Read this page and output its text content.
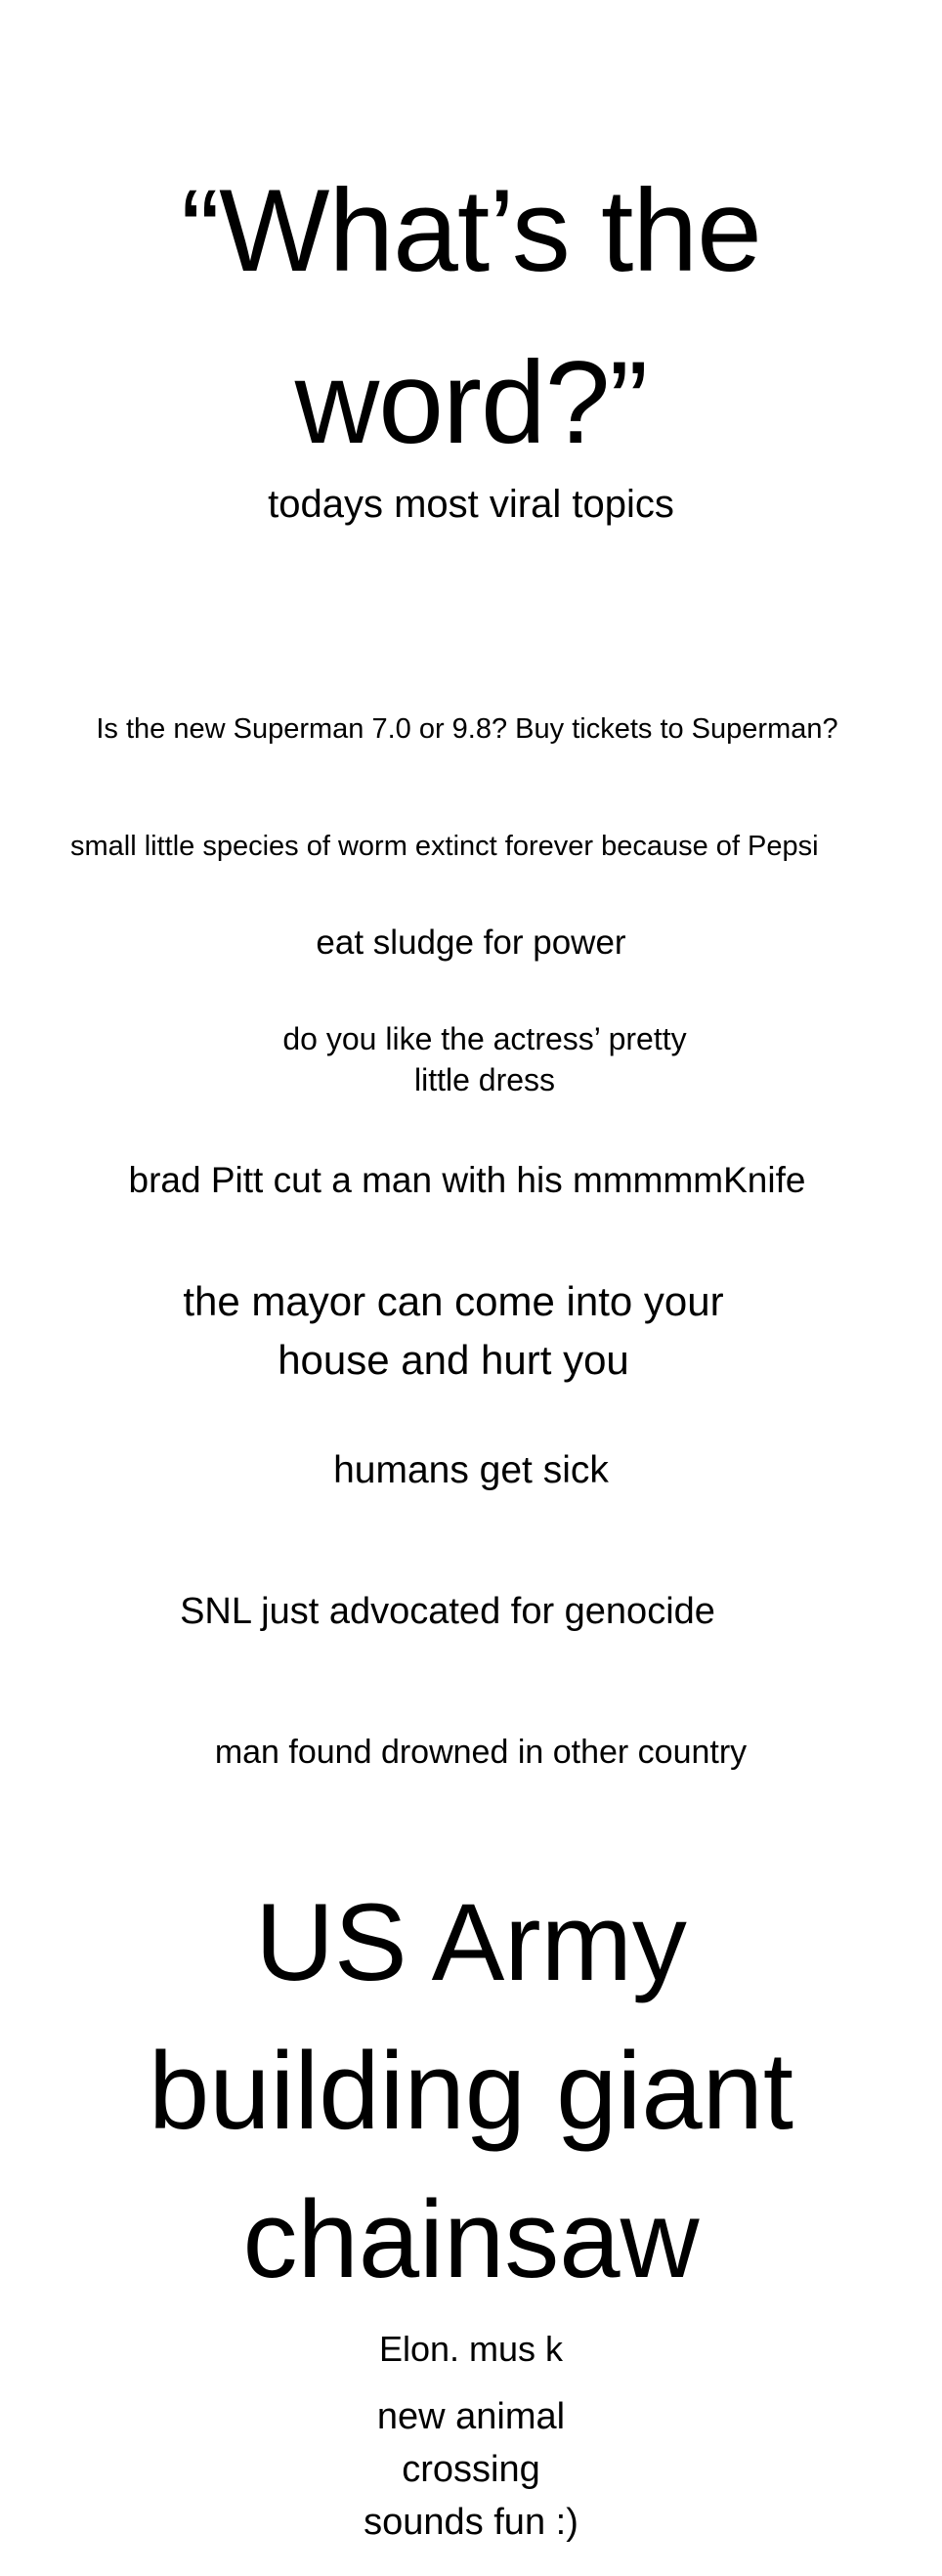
“What’s the
word?”

todays most viral topics

Is the new Superman 7.0 or 9.8? Buy tickets to Superman?

small little species of worm extinct forever because of Pepsi

eat sludge for power

do you like the actress’ pretty
little dress

brad Pitt cut a man with his mmmmmKnife

the mayor can come into your
house and hurt you

humans get sick

SNL just advocated for genocide

man found drowned in other country

US Army
building giant
chainsaw

Elon. mus k

new animal
crossing
sounds fun :)
